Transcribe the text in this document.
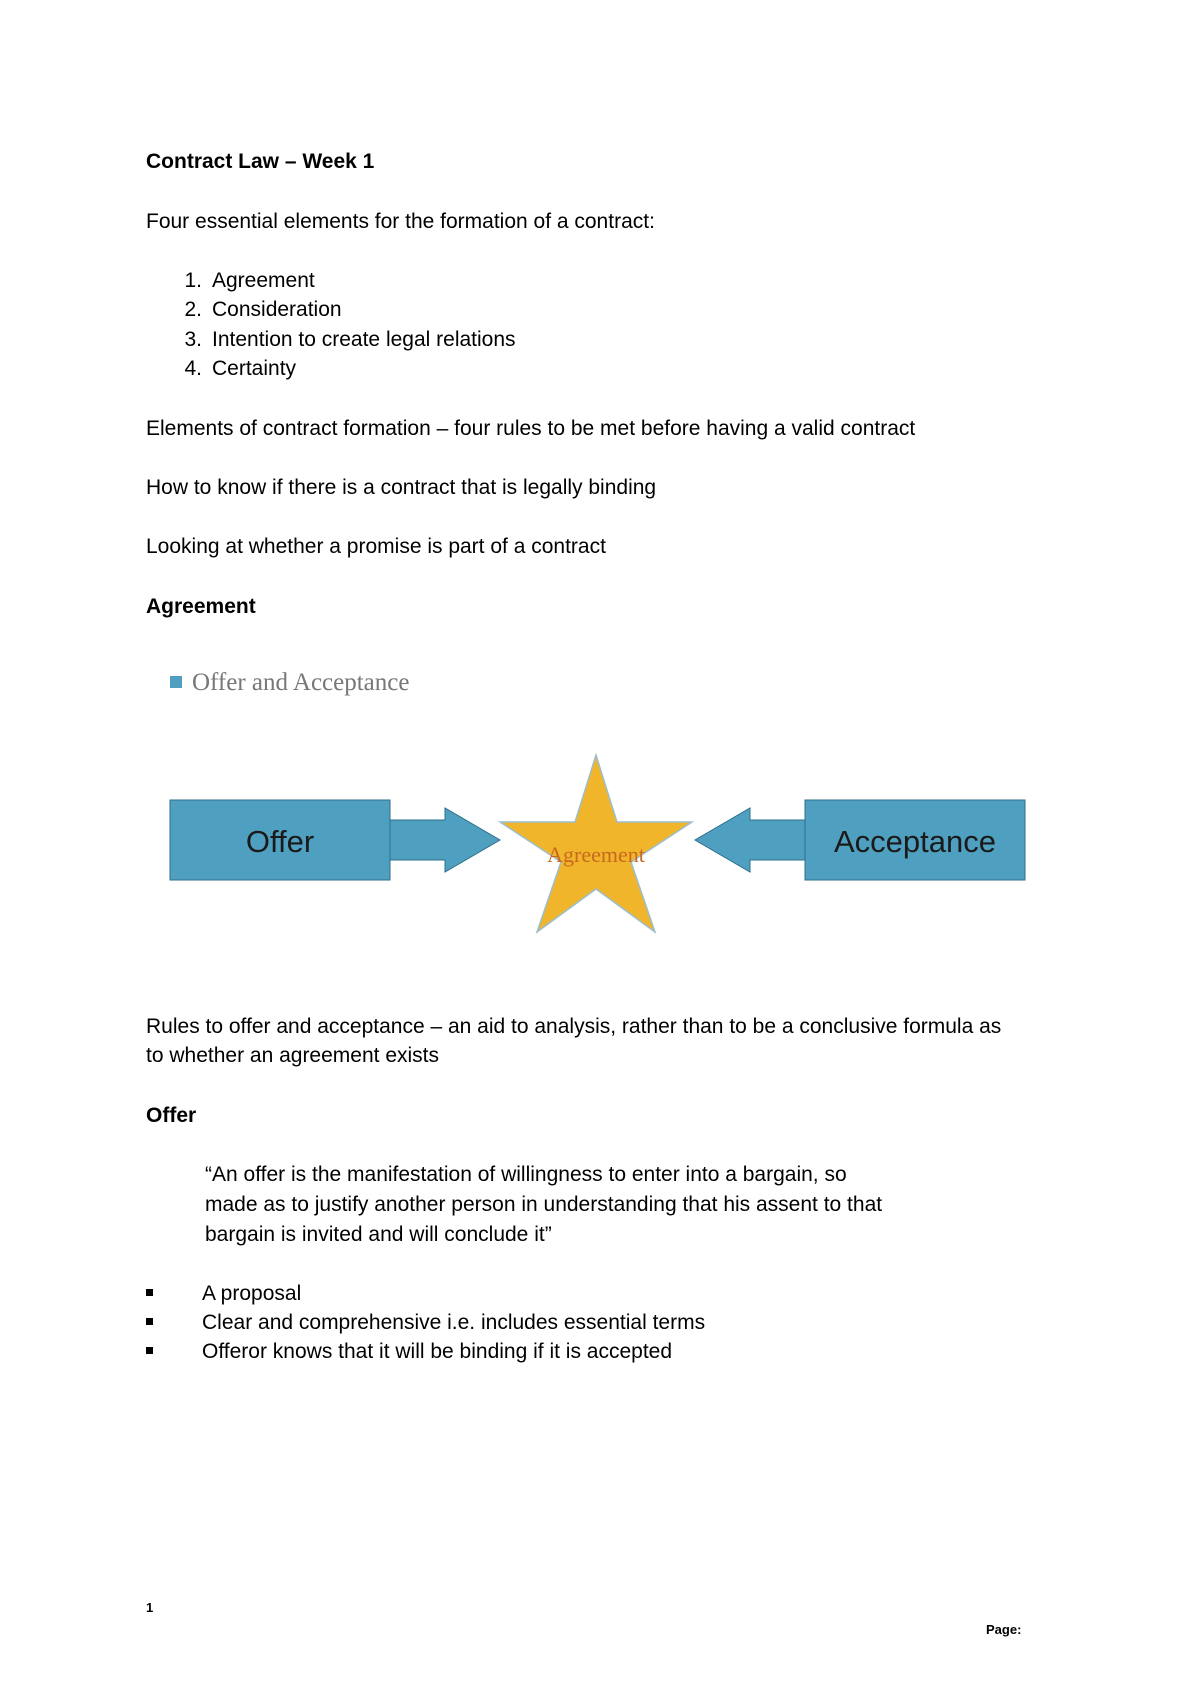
Contract Law – Week 1
Four essential elements for the formation of a contract:
1. Agreement
2. Consideration
3. Intention to create legal relations
4. Certainty
Elements of contract formation – four rules to be met before having a valid contract
How to know if there is a contract that is legally binding
Looking at whether a promise is part of a contract
Agreement
Offer and Acceptance
Offer	Agreement	Acceptance
Rules to offer and acceptance – an aid to analysis, rather than to be a conclusive formula as
to whether an agreement exists
Offer
“An offer is the manifestation of willingness to enter into a bargain, so
made as to justify another person in understanding that his assent to that
bargain is invited and will conclude it”
A proposal
Clear and comprehensive i.e. includes essential terms
Offeror knows that it will be binding if it is accepted
1
Page:
